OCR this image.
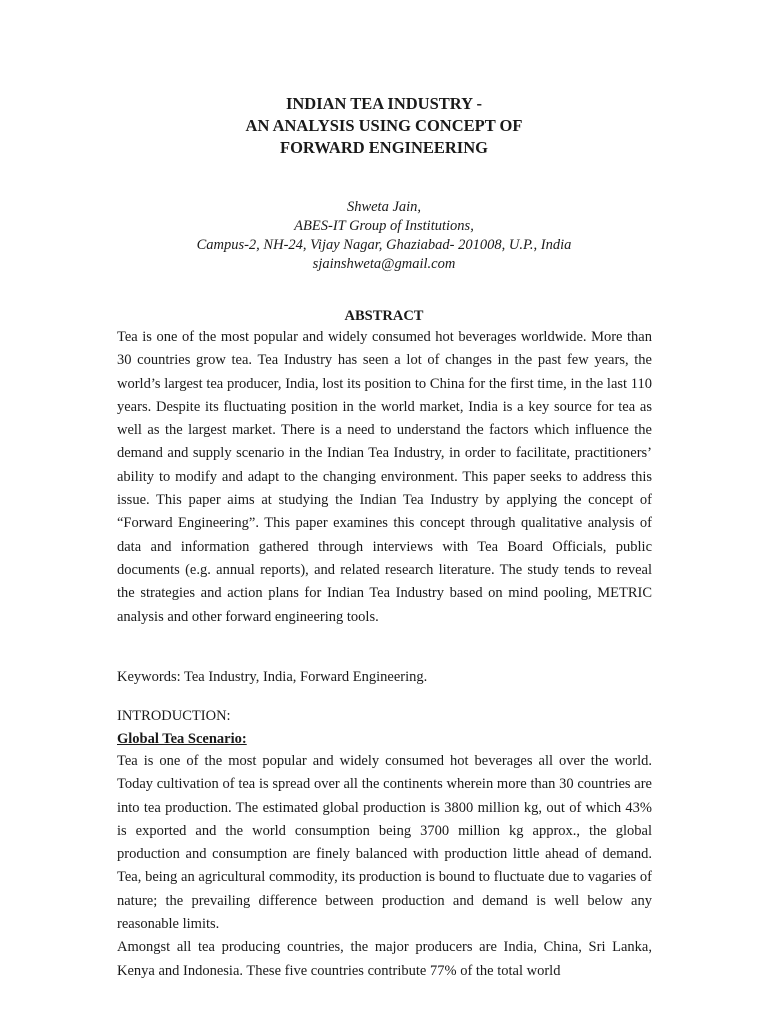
INDIAN TEA INDUSTRY -
AN ANALYSIS USING CONCEPT OF
FORWARD ENGINEERING
Shweta Jain,
ABES-IT Group of Institutions,
Campus-2, NH-24, Vijay Nagar, Ghaziabad- 201008, U.P., India
sjainshweta@gmail.com
ABSTRACT
Tea is one of the most popular and widely consumed hot beverages worldwide. More than 30 countries grow tea. Tea Industry has seen a lot of changes in the past few years, the world’s largest tea producer, India, lost its position to China for the first time, in the last 110 years. Despite its fluctuating position in the world market, India is a key source for tea as well as the largest market. There is a need to understand the factors which influence the demand and supply scenario in the Indian Tea Industry, in order to facilitate, practitioners’ ability to modify and adapt to the changing environment. This paper seeks to address this issue. This paper aims at studying the Indian Tea Industry by applying the concept of “Forward Engineering”. This paper examines this concept through qualitative analysis of data and information gathered through interviews with Tea Board Officials, public documents (e.g. annual reports), and related research literature. The study tends to reveal the strategies and action plans for Indian Tea Industry based on mind pooling, METRIC analysis and other forward engineering tools.
Keywords: Tea Industry, India, Forward Engineering.
INTRODUCTION:
Global Tea Scenario:

Tea is one of the most popular and widely consumed hot beverages all over the world. Today cultivation of tea is spread over all the continents wherein more than 30 countries are into tea production. The estimated global production is 3800 million kg, out of which 43% is exported and the world consumption being 3700 million kg approx., the global production and consumption are finely balanced with production little ahead of demand. Tea, being an agricultural commodity, its production is bound to fluctuate due to vagaries of nature; the prevailing difference between production and demand is well below any reasonable limits.

Amongst all tea producing countries, the major producers are India, China, Sri Lanka, Kenya and Indonesia. These five countries contribute 77% of the total world
